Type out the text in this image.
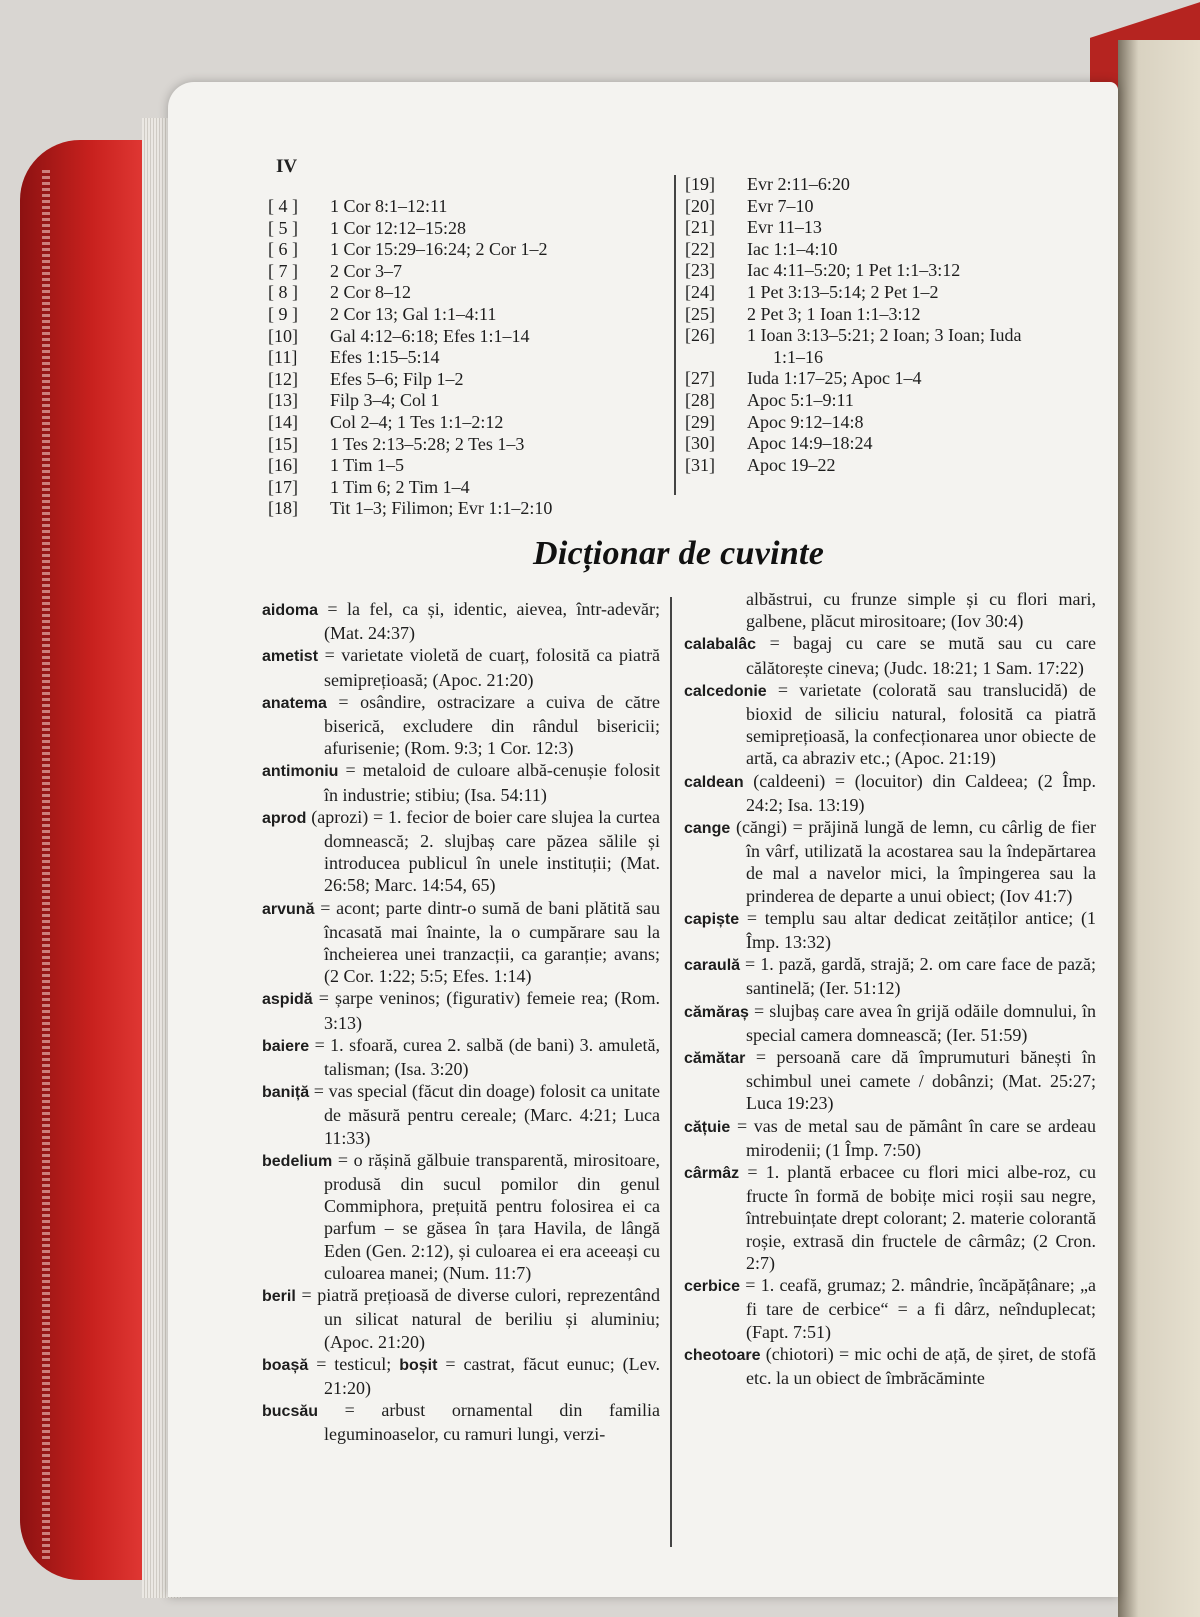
IV
[ 4 ]	1 Cor 8:1–12:11
[ 5 ]	1 Cor 12:12–15:28
[ 6 ]	1 Cor 15:29–16:24; 2 Cor 1–2
[ 7 ]	2 Cor 3–7
[ 8 ]	2 Cor 8–12
[ 9 ]	2 Cor 13; Gal 1:1–4:11
[10]	Gal 4:12–6:18; Efes 1:1–14
[11]	Efes 1:15–5:14
[12]	Efes 5–6; Filp 1–2
[13]	Filp 3–4; Col 1
[14]	Col 2–4; 1 Tes 1:1–2:12
[15]	1 Tes 2:13–5:28; 2 Tes 1–3
[16]	1 Tim 1–5
[17]	1 Tim 6; 2 Tim 1–4
[18]	Tit 1–3; Filimon; Evr 1:1–2:10
[19]	Evr 2:11–6:20
[20]	Evr 7–10
[21]	Evr 11–13
[22]	Iac 1:1–4:10
[23]	Iac 4:11–5:20; 1 Pet 1:1–3:12
[24]	1 Pet 3:13–5:14; 2 Pet 1–2
[25]	2 Pet 3; 1 Ioan 1:1–3:12
[26]	1 Ioan 3:13–5:21; 2 Ioan; 3 Ioan; Iuda
1:1–16
[27]	Iuda 1:17–25; Apoc 1–4
[28]	Apoc 5:1–9:11
[29]	Apoc 9:12–14:8
[30]	Apoc 14:9–18:24
[31]	Apoc 19–22
Dicționar de cuvinte
aidoma = la fel, ca și, identic, aievea, într-adevăr; (Mat. 24:37)
ametist = varietate violetă de cuarț, folosită ca piatră semiprețioasă; (Apoc. 21:20)
anatema = osândire, ostracizare a cuiva de către biserică, excludere din rândul bisericii; afurisenie; (Rom. 9:3; 1 Cor. 12:3)
antimoniu = metaloid de culoare albă-cenușie folosit în industrie; stibiu; (Isa. 54:11)
aprod (aprozi) = 1. fecior de boier care slujea la curtea domnească; 2. slujbaș care păzea sălile și introducea publicul în unele instituții; (Mat. 26:58; Marc. 14:54, 65)
arvună = acont; parte dintr-o sumă de bani plătită sau încasată mai înainte, la o cumpărare sau la încheierea unei tranzacții, ca garanție; avans; (2 Cor. 1:22; 5:5; Efes. 1:14)
aspidă = șarpe veninos; (figurativ) femeie rea; (Rom. 3:13)
baiere = 1. sfoară, curea 2. salbă (de bani) 3. amuletă, talisman; (Isa. 3:20)
baniță = vas special (făcut din doage) folosit ca unitate de măsură pentru cereale; (Marc. 4:21; Luca 11:33)
bedelium = o rășină gălbuie transparentă, mirositoare, produsă din sucul pomilor din genul Commiphora, prețuită pentru folosirea ei ca parfum – se găsea în țara Havila, de lângă Eden (Gen. 2:12), și culoarea ei era aceeași cu culoarea manei; (Num. 11:7)
beril = piatră prețioasă de diverse culori, reprezentând un silicat natural de beriliu și aluminiu; (Apoc. 21:20)
boașă = testicul; boșit = castrat, făcut eunuc; (Lev. 21:20)
bucsău = arbust ornamental din familia leguminoaselor, cu ramuri lungi, verzi-
albăstrui, cu frunze simple și cu flori mari, galbene, plăcut mirositoare; (Iov 30:4)
calabalâc = bagaj cu care se mută sau cu care călătorește cineva; (Judc. 18:21; 1 Sam. 17:22)
calcedonie = varietate (colorată sau translucidă) de bioxid de siliciu natural, folosită ca piatră semiprețioasă, la confecționarea unor obiecte de artă, ca abraziv etc.; (Apoc. 21:19)
caldean (caldeeni) = (locuitor) din Caldeea; (2 Împ. 24:2; Isa. 13:19)
cange (căngi) = prăjină lungă de lemn, cu cârlig de fier în vârf, utilizată la acostarea sau la îndepărtarea de mal a navelor mici, la împingerea sau la prinderea de departe a unui obiect; (Iov 41:7)
capiște = templu sau altar dedicat zeităților antice; (1 Împ. 13:32)
caraulă = 1. pază, gardă, strajă; 2. om care face de pază; santinelă; (Ier. 51:12)
cămăraș = slujbaș care avea în grijă odăile domnului, în special camera domnească; (Ier. 51:59)
cămătar = persoană care dă împrumuturi bănești în schimbul unei camete / dobânzi; (Mat. 25:27; Luca 19:23)
cățuie = vas de metal sau de pământ în care se ardeau mirodenii; (1 Împ. 7:50)
cârmâz = 1. plantă erbacee cu flori mici albe-roz, cu fructe în formă de bobițe mici roșii sau negre, întrebuințate drept colorant; 2. materie colorantă roșie, extrasă din fructele de cârmâz; (2 Cron. 2:7)
cerbice = 1. ceafă, grumaz; 2. mândrie, încăpățânare; „a fi tare de cerbice“ = a fi dârz, neînduplecat; (Fapt. 7:51)
cheotoare (chiotori) = mic ochi de ață, de șiret, de stofă etc. la un obiect de îmbrăcăminte
